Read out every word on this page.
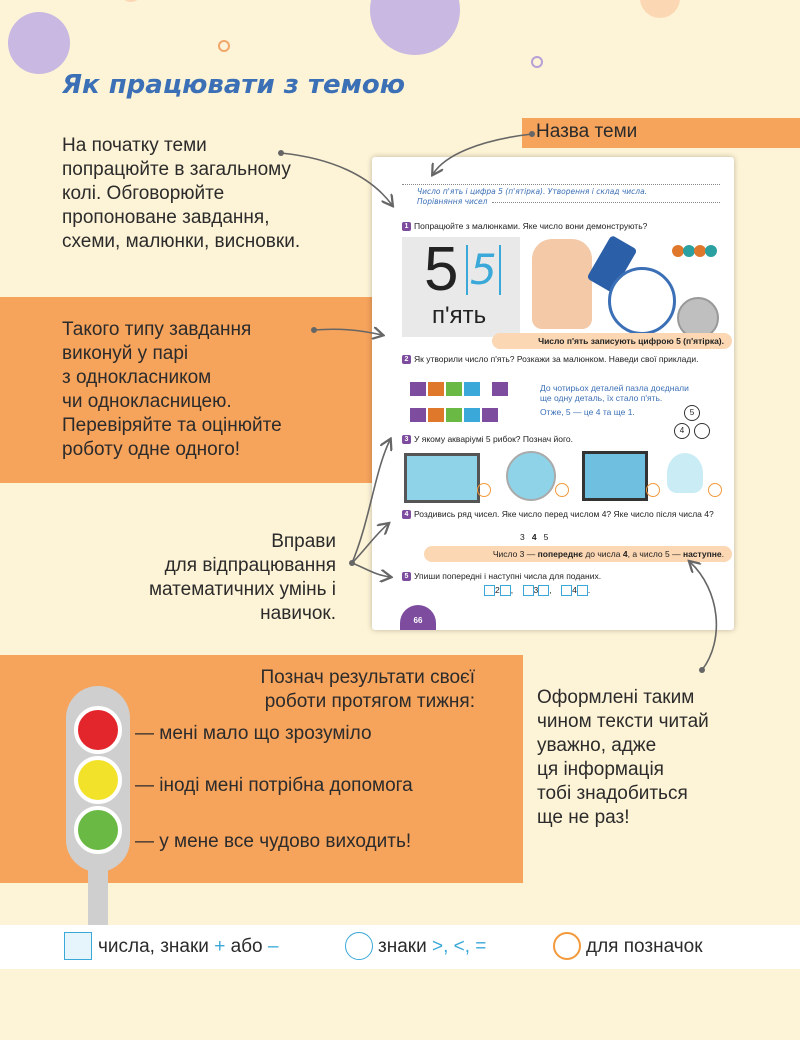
Як працювати з темою
На початку теми
попрацюйте в загальному
колі. Обговорюйте
пропоноване завдання,
схеми, малюнки, висновки.
Такого типу завдання
виконуй у парі
з однокласником
чи однокласницею.
Перевіряйте та оцінюйте
роботу одне одного!
Вправи
для відпрацювання
математичних умінь і
навичок.
Назва теми
Число п'ять і цифра 5 (п'ятірка). Утворення і склад числа.
Порівняння чисел
1 Попрацюйте з малюнками. Яке число вони демонструють?
5 5
п'ять
Число п'ять записують цифрою 5 (п'ятірка).
2 Як утворили число п'ять? Розкажи за малюнком. Наведи свої приклади.
До чотирьох деталей пазла доєднали
ще одну деталь, їх стало п'ять.
Отже, 5 — це 4 та ще 1.	5
4
3 У якому акваріумі 5 рибок? Познач його.
4 Роздивись ряд чисел. Яке число перед числом 4? Яке число після числа 4?
3 4 5
Число 3 — попереднє до числа 4, а число 5 — наступне.
5 Упиши попередні і наступні числа для поданих.
2 ,    3 ,    4 .
66
Познач результати своєї
роботи протягом тижня:
— мені мало що зрозуміло
— іноді мені потрібна допомога
— у мене все чудово виходить!
Оформлені таким
чином тексти читай
уважно, адже
ця інформація
тобі знадобиться
ще не раз!
числа, знаки + або –	знаки >, <, =	для позначок
